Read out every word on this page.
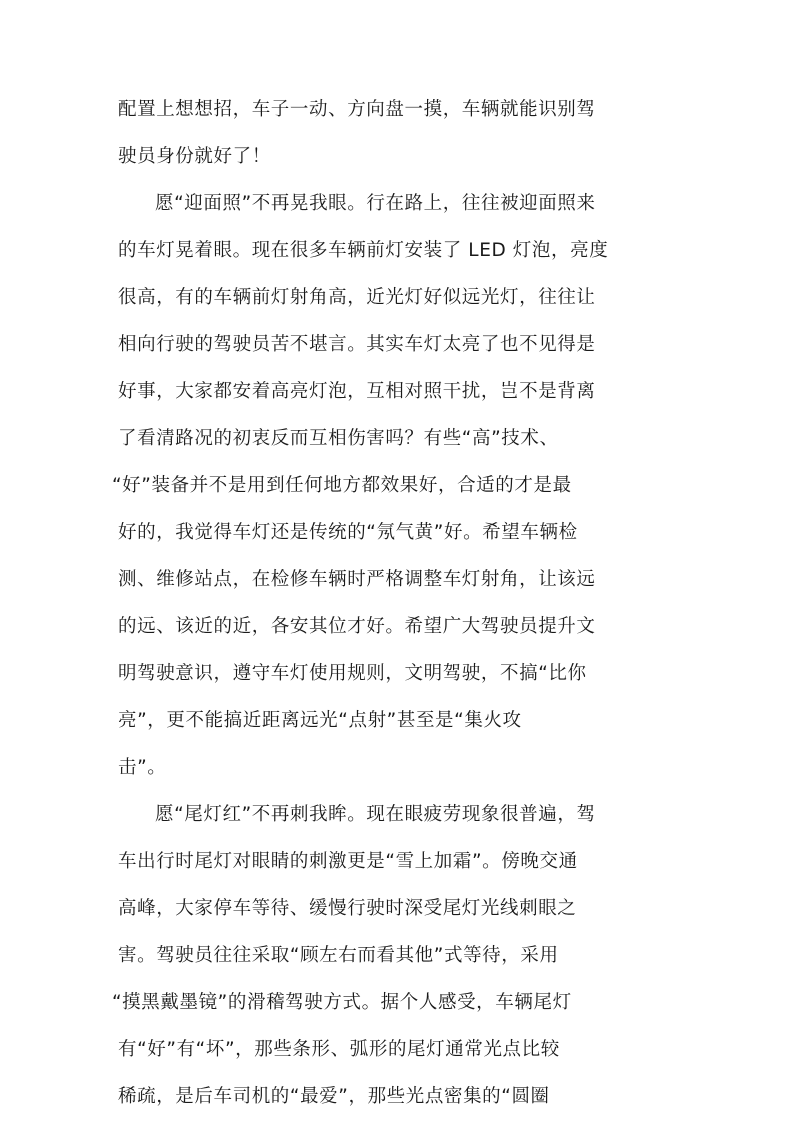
配置上想想招，车子一动、方向盘一摸，车辆就能识别驾
驶员身份就好了！
愿“迎面照”不再晃我眼。行在路上，往往被迎面照来
的车灯晃着眼。现在很多车辆前灯安装了 LED 灯泡，亮度
很高，有的车辆前灯射角高，近光灯好似远光灯，往往让
相向行驶的驾驶员苦不堪言。其实车灯太亮了也不见得是
好事，大家都安着高亮灯泡，互相对照干扰，岂不是背离
了看清路况的初衷反而互相伤害吗？有些“高”技术、
“好”装备并不是用到任何地方都效果好，合适的才是最
好的，我觉得车灯还是传统的“氖气黄”好。希望车辆检
测、维修站点，在检修车辆时严格调整车灯射角，让该远
的远、该近的近，各安其位才好。希望广大驾驶员提升文
明驾驶意识，遵守车灯使用规则，文明驾驶，不搞“比你
亮”，更不能搞近距离远光“点射”甚至是“集火攻
击”。
愿“尾灯红”不再刺我眸。现在眼疲劳现象很普遍，驾
车出行时尾灯对眼睛的刺激更是“雪上加霜”。傍晚交通
高峰，大家停车等待、缓慢行驶时深受尾灯光线刺眼之
害。驾驶员往往采取“顾左右而看其他”式等待，采用
“摸黑戴墨镜”的滑稽驾驶方式。据个人感受，车辆尾灯
有“好”有“坏”，那些条形、弧形的尾灯通常光点比较
稀疏，是后车司机的“最爱”，那些光点密集的“圆圈
